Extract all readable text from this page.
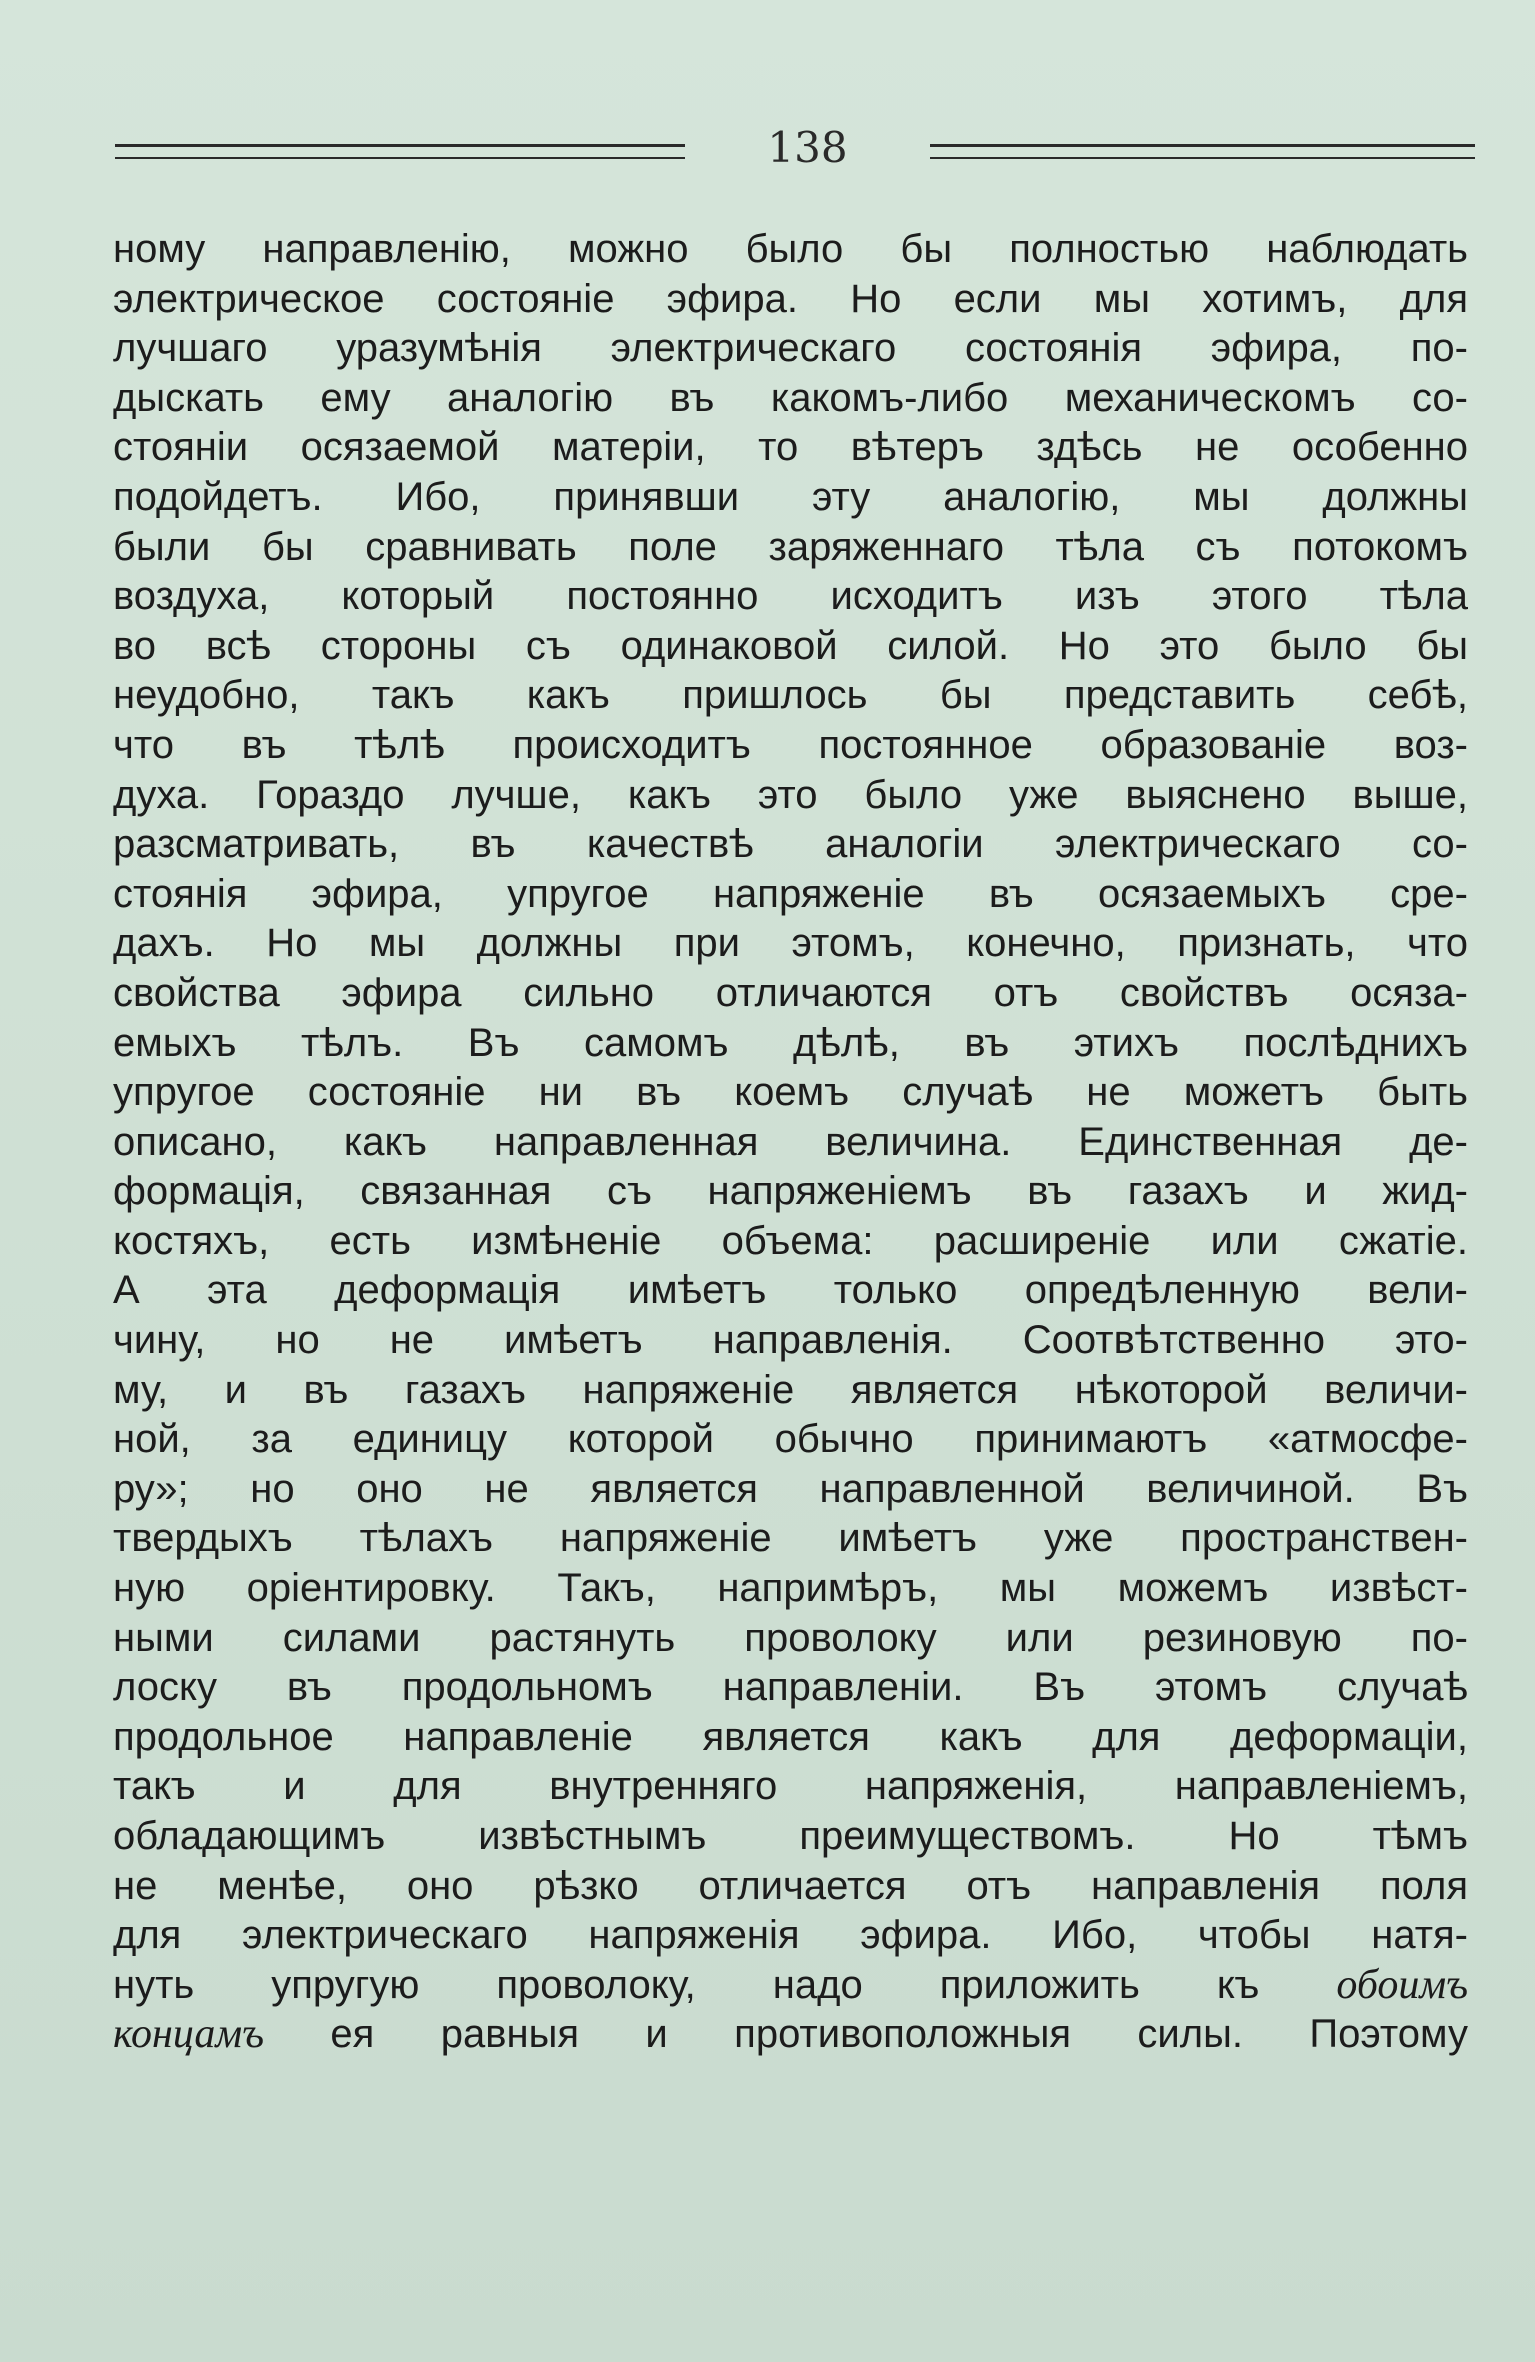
138
ному направленію, можно было бы полностью наблюдать
электрическое состояніе эфира. Но если мы хотимъ, для
лучшаго уразумѣнія электрическаго состоянія эфира, по-
дыскать ему аналогію въ какомъ-либо механическомъ со-
стояніи осязаемой матеріи, то вѣтеръ здѣсь не особенно
подойдетъ. Ибо, принявши эту аналогію, мы должны
были бы сравнивать поле заряженнаго тѣла съ потокомъ
воздуха, который постоянно исходитъ изъ этого тѣла
во всѣ стороны съ одинаковой силой. Но это было бы
неудобно, такъ какъ пришлось бы представить себѣ,
что въ тѣлѣ происходитъ постоянное образованіе воз-
духа. Гораздо лучше, какъ это было уже выяснено выше,
разсматривать, въ качествѣ аналогіи электрическаго со-
стоянія эфира, упругое напряженіе въ осязаемыхъ сре-
дахъ. Но мы должны при этомъ, конечно, признать, что
свойства эфира сильно отличаются отъ свойствъ осяза-
емыхъ тѣлъ. Въ самомъ дѣлѣ, въ этихъ послѣднихъ
упругое состояніе ни въ коемъ случаѣ не можетъ быть
описано, какъ направленная величина. Единственная де-
формація, связанная съ напряженіемъ въ газахъ и жид-
костяхъ, есть измѣненіе объема: расширеніе или сжатіе.
А эта деформація имѣетъ только опредѣленную вели-
чину, но не имѣетъ направленія. Соотвѣтственно это-
му, и въ газахъ напряженіе является нѣкоторой величи-
ной, за единицу которой обычно принимаютъ «атмосфе-
ру»; но оно не является направленной величиной. Въ
твердыхъ тѣлахъ напряженіе имѣетъ уже пространствен-
ную оріентировку. Такъ, напримѣръ, мы можемъ извѣст-
ными силами растянуть проволоку или резиновую по-
лоску въ продольномъ направленіи. Въ этомъ случаѣ
продольное направленіе является какъ для деформаціи,
такъ и для внутренняго напряженія, направленіемъ,
обладающимъ извѣстнымъ преимуществомъ. Но тѣмъ
не менѣе, оно рѣзко отличается отъ направленія поля
для электрическаго напряженія эфира. Ибо, чтобы натя-
нуть упругую проволоку, надо приложить къ обоимъ
концамъ ея равныя и противоположныя силы. Поэтому
